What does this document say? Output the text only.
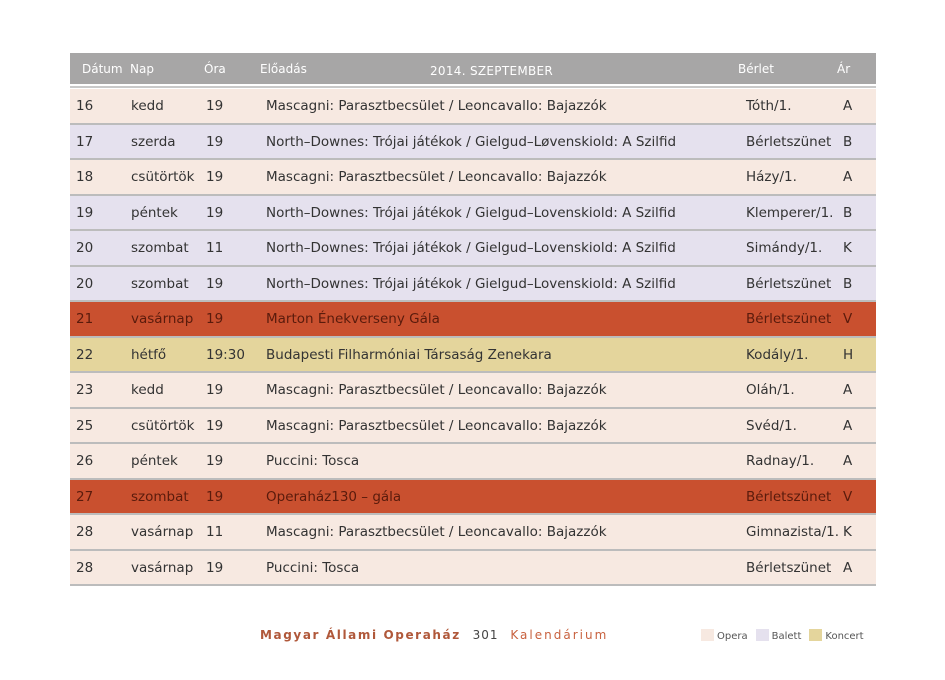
Dátum Nap	Óra	Előadás	2014. SZEPTEMBER	Bérlet	Ár
16	kedd	19	Mascagni: Parasztbecsület / Leoncavallo: Bajazzók	Tóth/1.	A
17	szerda 19	North–Downes: Trójai játékok / Gielgud–Løvenskiold: A Szilfid	Bérletszünet B
18	csütörtök 19	Mascagni: Parasztbecsület / Leoncavallo: Bajazzók	Házy/1.	A
19	péntek 19	North–Downes: Trójai játékok / Gielgud–Lovenskiold: A Szilfid	Klemperer/1. B
20	szombat 11	North–Downes: Trójai játékok / Gielgud–Lovenskiold: A Szilfid	Simándy/1. K
20	szombat 19	North–Downes: Trójai játékok / Gielgud–Lovenskiold: A Szilfid	Bérletszünet B
21	vasárnap 19	Marton Énekverseny Gála	Bérletszünet V
22	hétfő	19:30 Budapesti Filharmóniai Társaság Zenekara	Kodály/1.	H
23	kedd	19	Mascagni: Parasztbecsület / Leoncavallo: Bajazzók	Oláh/1.	A
25	csütörtök 19	Mascagni: Parasztbecsület / Leoncavallo: Bajazzók	Svéd/1.	A
26	péntek 19	Puccini: Tosca	Radnay/1. A
27	szombat 19	Operaház130 – gála	Bérletszünet V
28	vasárnap 11	Mascagni: Parasztbecsület / Leoncavallo: Bajazzók	Gimnazista/1. K
28	vasárnap 19	Puccini: Tosca	Bérletszünet A
Magyar Állami Operaház 301 Kalendárium	Opera Balett Koncert
